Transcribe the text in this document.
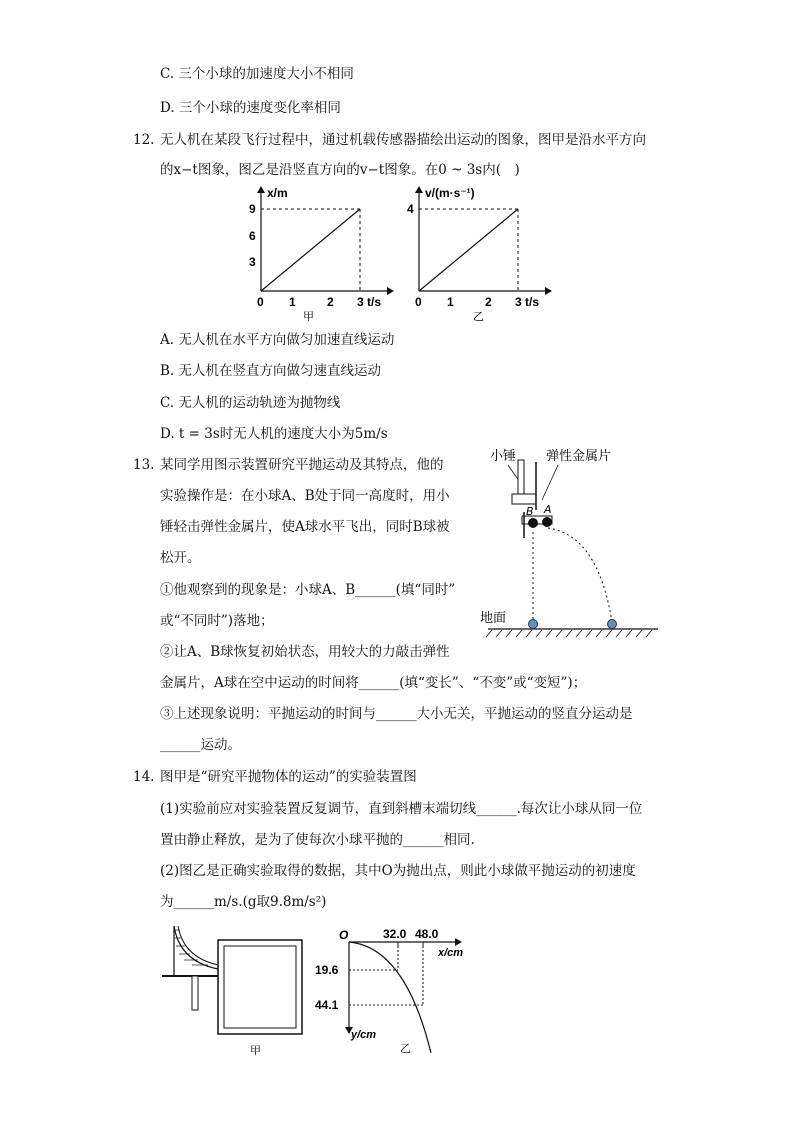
C. 三个小球的加速度大小不相同
D. 三个小球的速度变化率相同
12. 无人机在某段飞行过程中，通过机载传感器描绘出运动的图象，图甲是沿水平方向
的x−t图象，图乙是沿竖直方向的v−t图象。在0 ~ 3s内(　)
x/m
t/s
0 1	2 3
3
6
9
甲
v/(m·s⁻¹)
t/s
0 1	2 3
4
乙
A. 无人机在水平方向做匀加速直线运动
B. 无人机在竖直方向做匀速直线运动
C. 无人机的运动轨迹为抛物线
D. t = 3s时无人机的速度大小为5m/s
13. 某同学用图示装置研究平抛运动及其特点，他的
实验操作是：在小球A、B处于同一高度时，用小
锤轻击弹性金属片，使A球水平飞出，同时B球被
松开。
①他观察到的现象是：小球A、B______(填“同时”
或“不同时”)落地；
②让A、B球恢复初始状态，用较大的力敲击弹性
金属片，A球在空中运动的时间将______(填“变长”、“不变”或“变短”)；
③上述现象说明：平抛运动的时间与______大小无关，平抛运动的竖直分运动是
______运动。
小锤 弹性金属片
B A
地面
14. 图甲是“研究平抛物体的运动”的实验装置图
(1)实验前应对实验装置反复调节，直到斜槽末端切线______.每次让小球从同一位
置由静止释放，是为了使每次小球平抛的______相同.
(2)图乙是正确实验取得的数据，其中O为抛出点，则此小球做平抛运动的初速度
为______m/s.(g取9.8m/s²)
甲
O
x/cm
y/cm
32.0 48.0
19.6
44.1
乙
